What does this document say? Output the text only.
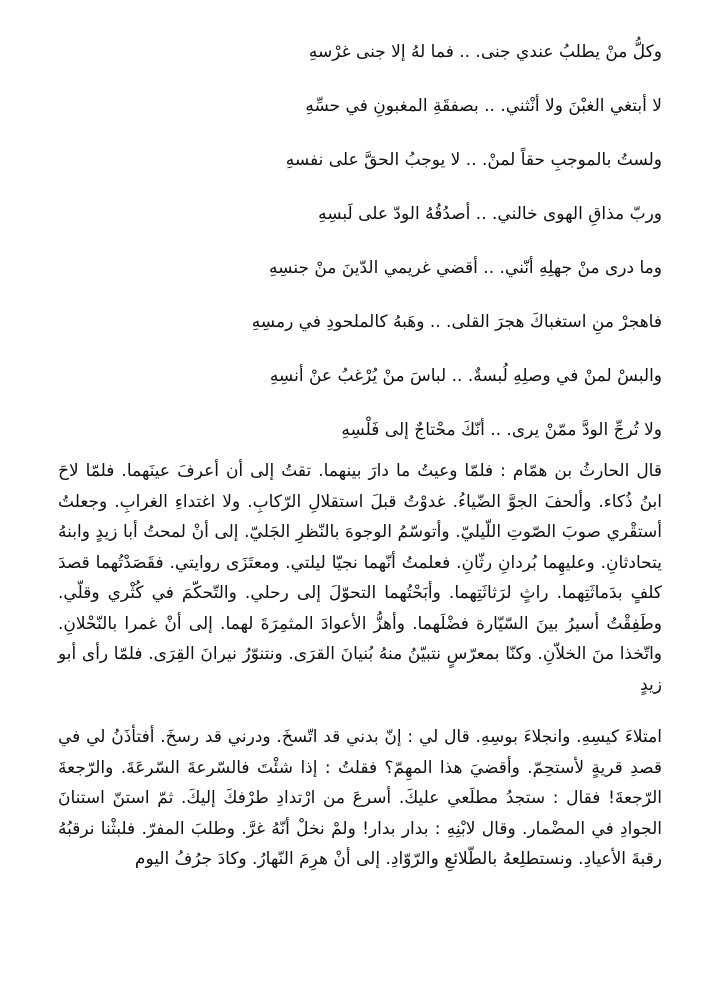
وكلُّ منْ يطلبُ عندي جنى. .. فما لهُ إلا جنى غرْسهِ
لا أبتغي الغبْنَ ولا أنْثني. .. بصفقَةِ المغبونِ في حسِّهِ
ولستُ بالموجبِ حقاً لمنْ. .. لا يوجبُ الحقَّ على نفسهِ
وربّ مذاقِ الهوى خالني. .. أصدُقُهُ الودّ على لَبسِهِ
وما درى منْ جهلِهِ أنّني. .. أقضي غريمي الدّينَ منْ جنسِهِ
فاهجرْ منِ استغباكَ هجرَ القلى. .. وهَبهُ كالملحودِ في رمسِهِ
والبسْ لمنْ في وصلِهِ لُبسةٌ. .. لباسَ منْ يُرْغبُ عنْ أنسِهِ
ولا تُرجِّ الودَّ ممّنْ يرى. .. أنّكَ محْتاجٌ إلى فَلْسِهِ

قال الحارثُ بن همّام : فلمّا وعيتُ ما دارَ بينهما. تقتُ إلى أن أعرفَ عينَهما. فلمّا لاحَ ابنُ ذُكاء. وألحفَ الجوَّ الضّياءُ. غدوْتُ قبلَ استقلالِ الرّكابِ. ولا اغتداءِ الغرابِ. وجعلتُ أستقْري صوبَ الصّوتِ اللّيليّ. وأتوسّمُ الوجوهَ بالنّظرِ الجَليّ. إلى أنْ لمحتُ أبا زيدٍ وابنهُ يتحادثانِ. وعليهِما بُردانِ رثّانِ. فعلمتُ أنّهما نجيّا ليلتي. ومعتَزَى روايتي. فقَصَدْتُهما قصدَ كلفٍ بدَماثَتِهما. راثٍ لرَثاثَتِهما. وأبَحْتُهما التحوّلَ إلى رحلي. والتّحكّمَ في كُثْري وقلّي. وطَفِقْتُ أسيرُ بينَ السّيّارة فضْلَهما. وأهزُّ الأعوادَ المثمِرَةَ لهما. إلى أنْ غمرا بالنّحْلانِ. واتّخذا منَ الخلاّنِ. وكنّا بمعرّسٍ نتبيّنُ منهُ بُنيانَ القرَى. ونتنوّرُ نيرانَ القِرَى. فلمّا رأى أبو زيدٍ

امتلاءَ كيسِهِ. وانجلاءَ بوسِهِ. قال لي : إنّ بدني قد اتّسخَ. ودرني قد رسخَ. أفتأذَنُ لي في قصدِ قريةٍ لأستحِمّ. وأقضيَ هذا المهِمّ؟ فقلتُ : إذا شئْتَ فالسّرعةَ السّرعَةَ. والرّجعةَ الرّجعةَ! فقال : ستجدُ مطلَعي عليكَ. أسرعَ من ارْتدادِ طرْفكَ إليكَ. ثمّ استنّ استنانَ الجوادِ في المضْمار. وقال لابْنِهِ : بدار بدار! ولمْ نخلْ أنّهُ غرَّ. وطلبَ المفرّ. فلبثْنا نرقبُهُ رقبةَ الأعيادِ. ونستطلِعهُ بالطّلائعِ والرّوّادِ. إلى أنْ هرِمَ النّهارُ. وكادَ جرُفُ اليوم
